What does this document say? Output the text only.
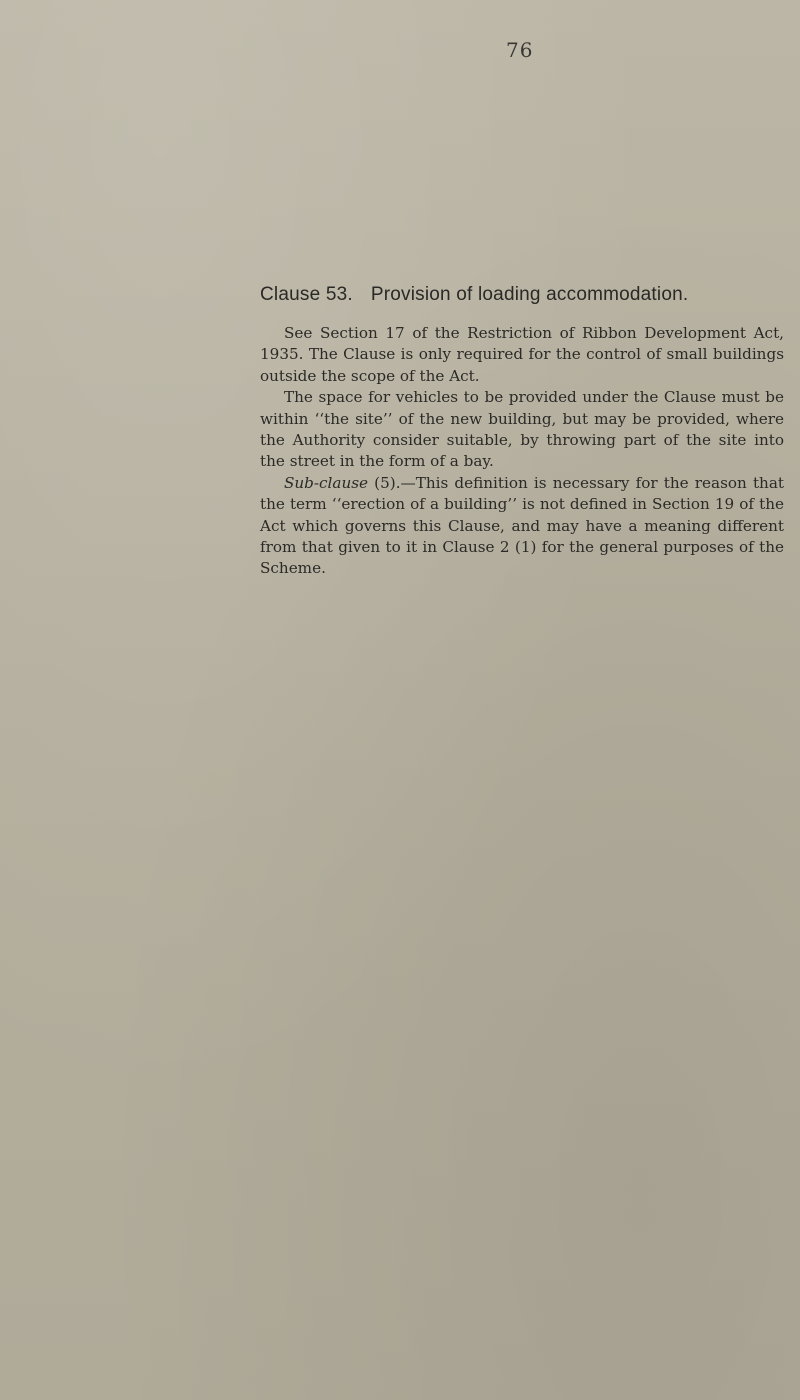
76
Clause 53. Provision of loading accommodation.

See Section 17 of the Restriction of Ribbon Development Act, 1935. The Clause is only required for the control of small buildings outside the scope of the Act.

The space for vehicles to be provided under the Clause must be within ‘‘the site’’ of the new building, but may be provided, where the Authority consider suitable, by throwing part of the site into the street in the form of a bay.

Sub-clause (5).—This definition is necessary for the reason that the term ‘‘erection of a building’’ is not defined in Section 19 of the Act which governs this Clause, and may have a meaning different from that given to it in Clause 2 (1) for the general purposes of the Scheme.
